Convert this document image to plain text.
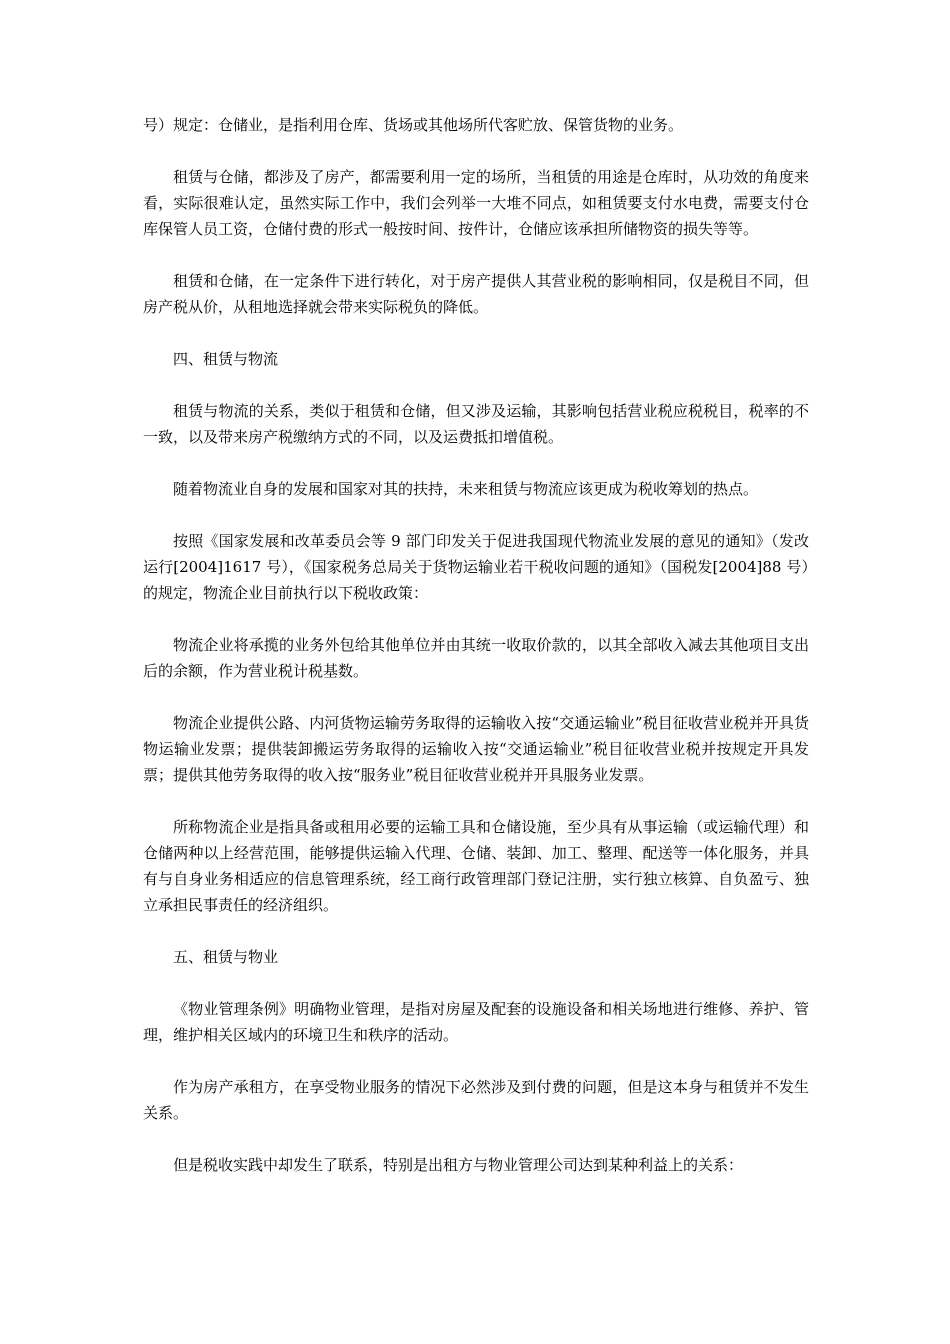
号）规定：仓储业，是指利用仓库、货场或其他场所代客贮放、保管货物的业务。

租赁与仓储，都涉及了房产，都需要利用一定的场所，当租赁的用途是仓库时，从功效的角度来看，实际很难认定，虽然实际工作中，我们会列举一大堆不同点，如租赁要支付水电费，需要支付仓库保管人员工资，仓储付费的形式一般按时间、按件计，仓储应该承担所储物资的损失等等。

租赁和仓储，在一定条件下进行转化，对于房产提供人其营业税的影响相同，仅是税目不同，但房产税从价，从租地选择就会带来实际税负的降低。

四、租赁与物流

租赁与物流的关系，类似于租赁和仓储，但又涉及运输，其影响包括营业税应税税目，税率的不一致，以及带来房产税缴纳方式的不同，以及运费抵扣增值税。

随着物流业自身的发展和国家对其的扶持，未来租赁与物流应该更成为税收筹划的热点。

按照《国家发展和改革委员会等 9 部门印发关于促进我国现代物流业发展的意见的通知》（发改运行[2004]1617 号），《国家税务总局关于货物运输业若干税收问题的通知》（国税发[2004]88 号）的规定，物流企业目前执行以下税收政策：

物流企业将承揽的业务外包给其他单位并由其统一收取价款的，以其全部收入减去其他项目支出后的余额，作为营业税计税基数。

物流企业提供公路、内河货物运输劳务取得的运输收入按“交通运输业”税目征收营业税并开具货物运输业发票；提供装卸搬运劳务取得的运输收入按“交通运输业”税目征收营业税并按规定开具发票；提供其他劳务取得的收入按“服务业”税目征收营业税并开具服务业发票。

所称物流企业是指具备或租用必要的运输工具和仓储设施，至少具有从事运输（或运输代理）和仓储两种以上经营范围，能够提供运输入代理、仓储、装卸、加工、整理、配送等一体化服务，并具有与自身业务相适应的信息管理系统，经工商行政管理部门登记注册，实行独立核算、自负盈亏、独立承担民事责任的经济组织。

五、租赁与物业

《物业管理条例》明确物业管理，是指对房屋及配套的设施设备和相关场地进行维修、养护、管理，维护相关区域内的环境卫生和秩序的活动。

作为房产承租方，在享受物业服务的情况下必然涉及到付费的问题，但是这本身与租赁并不发生关系。

但是税收实践中却发生了联系，特别是出租方与物业管理公司达到某种利益上的关系：
